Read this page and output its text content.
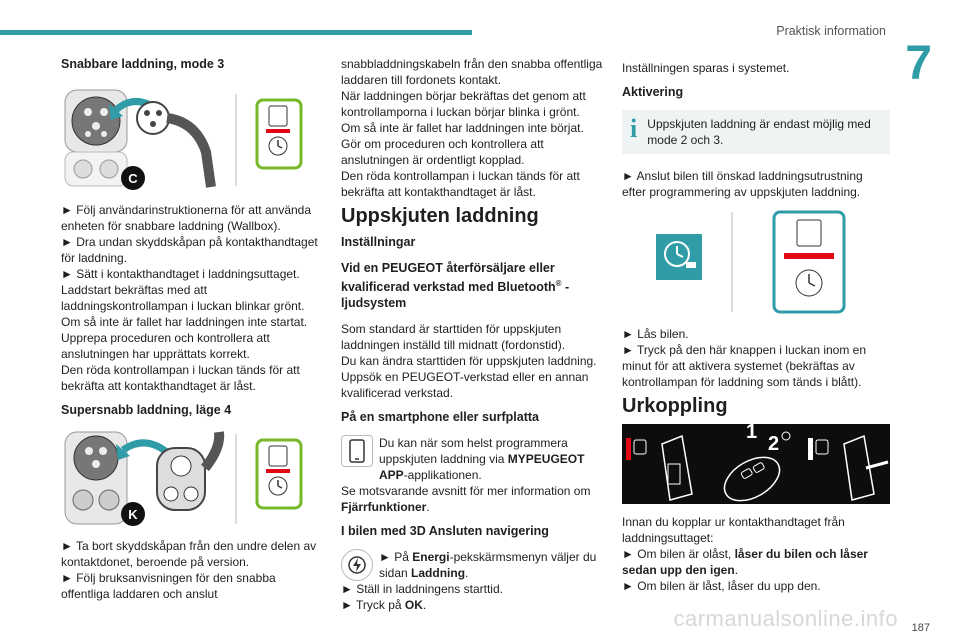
Praktisk information
7
Snabbare laddning, mode 3
C

► Följ användarinstruktionerna för att använda enheten för snabbare laddning (Wallbox).

► Dra undan skyddskåpan på kontakthandtaget för laddning.

► Sätt i kontakthandtaget i laddningsuttaget.

Laddstart bekräftas med att laddningskontrollampan i luckan blinkar grönt.

Om så inte är fallet har laddningen inte startat.

Upprepa proceduren och kontrollera att anslutningen har upprättats korrekt.

Den röda kontrollampan i luckan tänds för att bekräfta att kontakthandtaget är låst.

Supersnabb laddning, läge 4
K

► Ta bort skyddskåpan från den undre delen av kontaktdonet, beroende på version.

► Följ bruksanvisningen för den snabba offentliga laddaren och anslut

snabbladdningskabeln från den snabba offentliga laddaren till fordonets kontakt.

När laddningen börjar bekräftas det genom att kontrollamporna i luckan börjar blinka i grönt.

Om så inte är fallet har laddningen inte börjat. Gör om proceduren och kontrollera att anslutningen är ordentligt kopplad.

Den röda kontrollampan i luckan tänds för att bekräfta att kontakthandtaget är låst.

Uppskjuten laddning
Inställningar
Vid en PEUGEOT återförsäljare eller kvalificerad verkstad med Bluetooth® -ljudsystem

Som standard är starttiden för uppskjuten laddningen inställd till midnatt (fordonstid).

Du kan ändra starttiden för uppskjuten laddning. Uppsök en PEUGEOT-verkstad eller en annan kvalificerad verkstad.

På en smartphone eller surfplatta

Du kan när som helst programmera uppskjuten laddning via MYPEUGEOT APP-applikationen.

Se motsvarande avsnitt för mer information om Fjärrfunktioner.

I bilen med 3D Ansluten navigering

► På Energi-pekskärmsmenyn väljer du sidan Laddning.

► Ställ in laddningens starttid.

► Tryck på OK.

Inställningen sparas i systemet.

Aktivering
i Uppskjuten laddning är endast möjlig med mode 2 och 3.

► Anslut bilen till önskad laddningsutrustning efter programmering av uppskjuten laddning.

► Lås bilen.

► Tryck på den här knappen i luckan inom en minut för att aktivera systemet (bekräftas av kontrollampan för laddning som tänds i blått).

Urkoppling
1
2

Innan du kopplar ur kontakthandtaget från laddningsuttaget:

► Om bilen är olåst, låser du bilen och låser sedan upp den igen.

► Om bilen är låst, låser du upp den.

carmanualsonline.info 187
